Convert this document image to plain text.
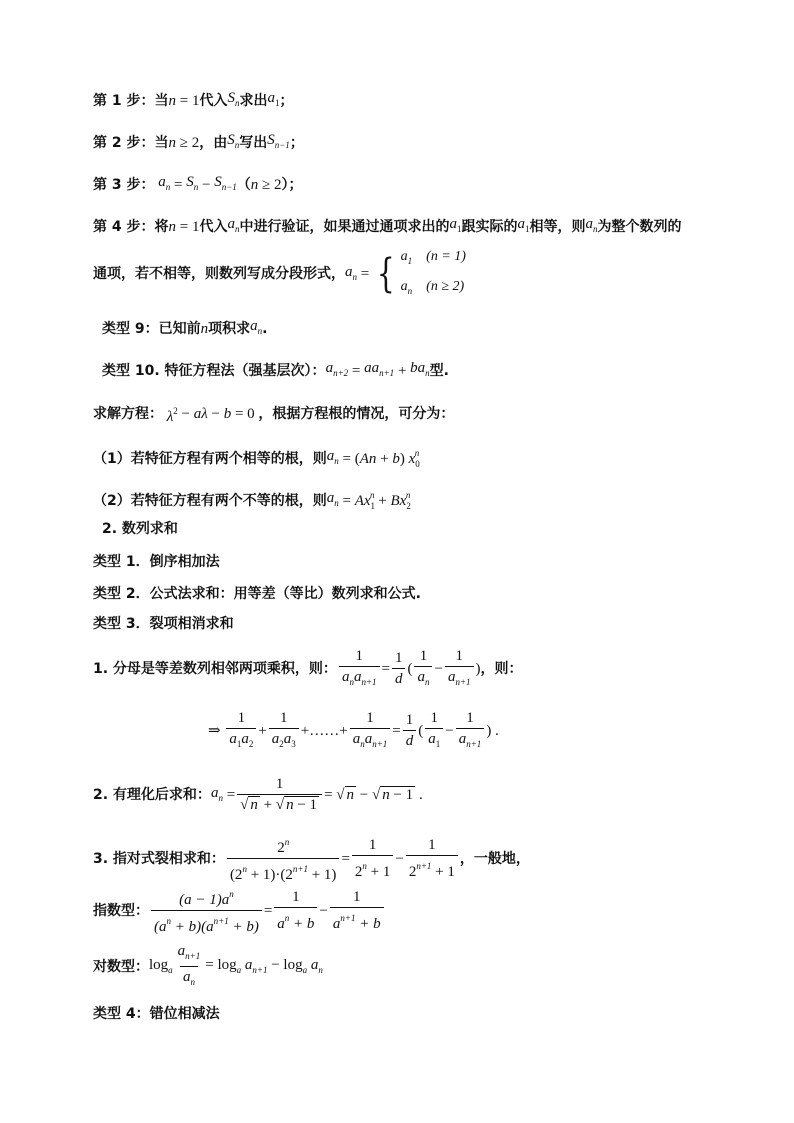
第 1 步：当 n = 1 代入 $S_n$ 求出 $a_1$ ；
第 2 步：当 n ≥ 2 ，由 $S_n$ 写出 $S_{n-1}$ ；
第 3 步： $a_n = S_n - S_{n-1}$ （ n ≥ 2 ）；
第 4 步：将 n = 1 代入 $a_n$ 中进行验证，如果通过通项求出的 $a_1$ 跟实际的 $a_1$ 相等，则 $a_n$ 为整个数列的
通项，若不相等，则数列写成分段形式， $a_n$ = { $a_1$    (n = 1)
$a_n$    (n ≥ 2)
类型 9：已知前 n 项积求 $a_n$ .
类型 10. 特征方程法（强基层次）： $a_{n+2} = aa_{n+1} + ba_n$ 型.
求解方程： $\lambda^2 - a\lambda - b = 0$ ，根据方程根的情况，可分为：
（1）若特征方程有两个相等的根，则 $a_n$ = ( An + b ) $x_0^n$
（2）若特征方程有两个不等的根，则 $a_n = Ax_1^n + Bx_2^n$
2. 数列求和
类型 1．倒序相加法
类型 2．公式法求和：用等差（等比）数列求和公式.
类型 3．裂项相消求和
1. 分母是等差数列相邻两项乘积，则： $\frac{1}{a_na_{n+1}} = \frac{1}{d}$ ( $\frac{1}{a_n} - \frac{1}{a_{n+1}}$ ) ，则：
⇒ $\frac{1}{a_1a_2} + \frac{1}{a_2a_3}$ +……+ $\frac{1}{a_na_{n+1}} = \frac{1}{d}$ ( $\frac{1}{a_1} - \frac{1}{a_{n+1}}$ ) .
2. 有理化后求和： $a_n = \frac{1}{√ n + √ n - 1}$ = √ n − √ n − 1 .
3. 指对式裂相求和： $\frac{2^n}{(2^n + 1)\cdot(2^{n+1} + 1)} = \frac{1}{2^n + 1} - \frac{1}{2^{n+1} + 1}$ ，一般地，
指数型： $\frac{(a - 1)a^n}{(a^n + b)(a^{n+1} + b)} = \frac{1}{a^n + b} - \frac{1}{a^{n+1} + b}$
对数型： $\log_a \frac{a_{n+1}}{a_n} = \log_a a_{n+1} - \log_a a_n$
类型 4：错位相减法
